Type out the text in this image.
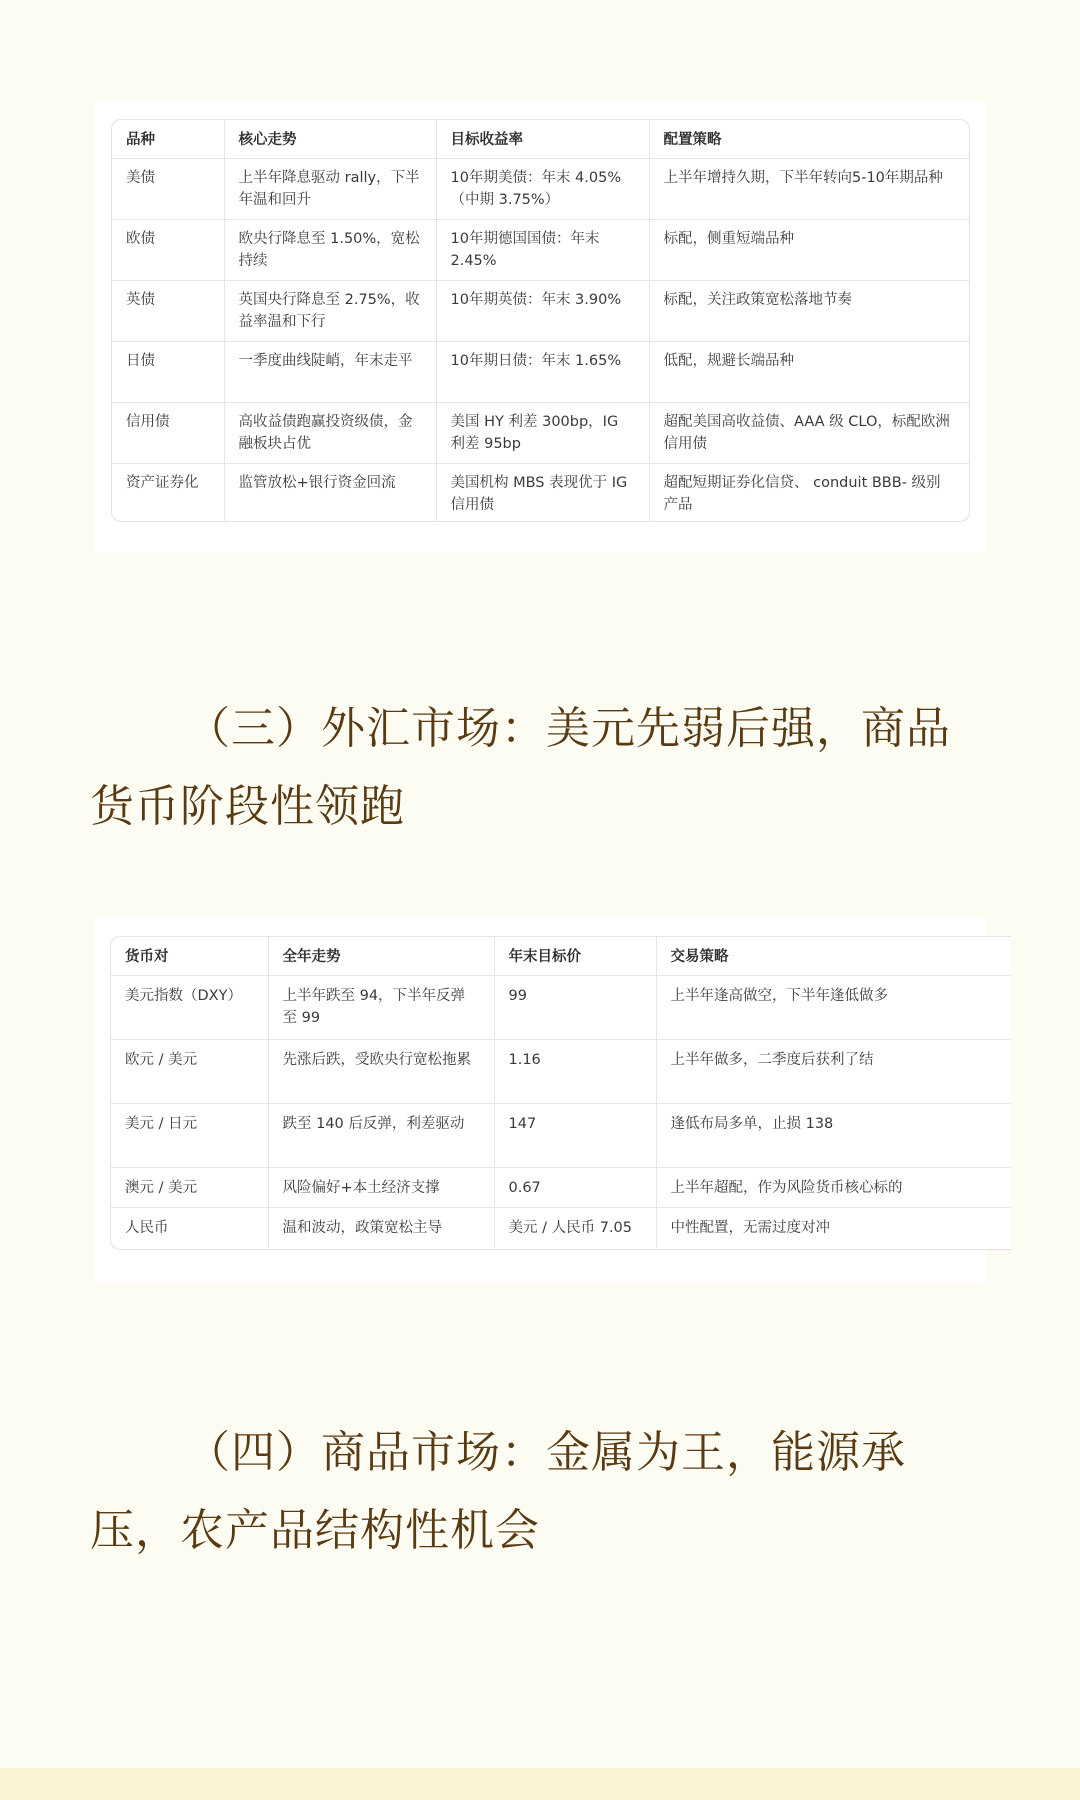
品种	核心走势	目标收益率	配置策略
美债	上半年降息驱动 rally，下半年温和回升	10年期美债：年末 4.05%（中期 3.75%）	上半年增持久期，下半年转向5-10年期品种
欧债	欧央行降息至 1.50%，宽松持续	10年期德国国债：年末 2.45%	标配，侧重短端品种
英债	英国央行降息至 2.75%，收益率温和下行	10年期英债：年末 3.90%	标配，关注政策宽松落地节奏
日债	一季度曲线陡峭，年末走平	10年期日债：年末 1.65%	低配，规避长端品种
信用债	高收益债跑赢投资级债，金融板块占优	美国 HY 利差 300bp，IG 利差 95bp	超配美国高收益债、AAA 级 CLO，标配欧洲信用债
资产证券化	监管放松+银行资金回流	美国机构 MBS 表现优于 IG 信用债	超配短期证券化信贷、 conduit BBB- 级别产品
（三）外汇市场：美元先弱后强，商品货币阶段性领跑
货币对	全年走势	年末目标价	交易策略
美元指数（DXY）	上半年跌至 94，下半年反弹至 99	99	上半年逢高做空，下半年逢低做多
欧元 / 美元	先涨后跌，受欧央行宽松拖累	1.16	上半年做多，二季度后获利了结
美元 / 日元	跌至 140 后反弹，利差驱动	147	逢低布局多单，止损 138
澳元 / 美元	风险偏好+本土经济支撑	0.67	上半年超配，作为风险货币核心标的
人民币	温和波动，政策宽松主导	美元 / 人民币 7.05	中性配置，无需过度对冲
（四）商品市场：金属为王，能源承压，农产品结构性机会
